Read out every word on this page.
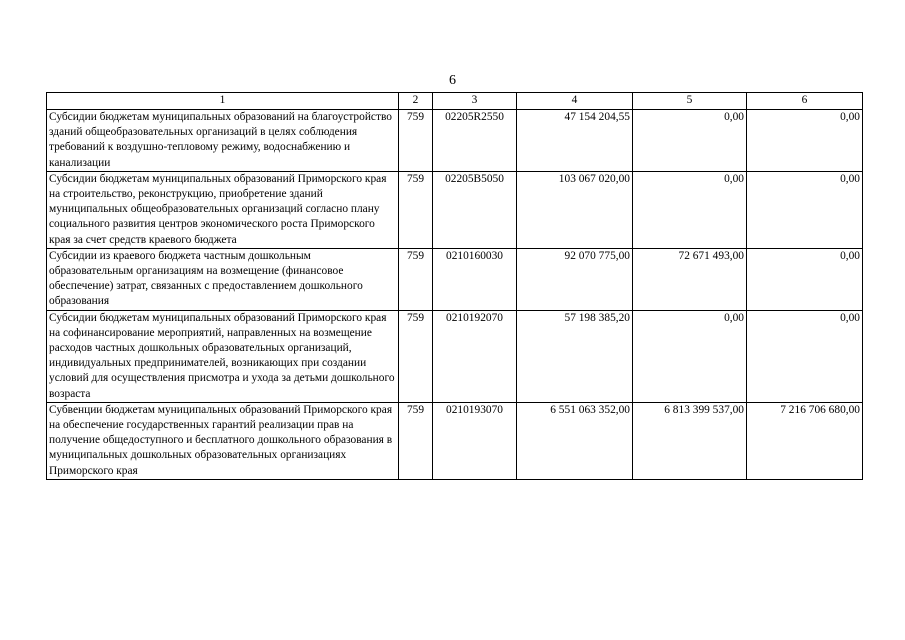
6
1	2	3	4	5	6
Субсидии бюджетам муниципальных образований на благоустройство зданий общеобразовательных организаций в целях соблюдения требований к воздушно-тепловому режиму, водоснабжению и канализации	759	02205R2550	47 154 204,55	0,00	0,00
Субсидии бюджетам муниципальных образований Приморского края на строительство, реконструкцию, приобретение зданий муниципальных общеобразовательных организаций согласно плану социального развития центров экономического роста Приморского края за счет средств краевого бюджета	759	02205В5050	103 067 020,00	0,00	0,00
Субсидии из краевого бюджета частным дошкольным образовательным организациям на возмещение (финансовое обеспечение) затрат, связанных с предоставлением дошкольного образования	759	0210160030	92 070 775,00	72 671 493,00	0,00
Субсидии бюджетам муниципальных образований Приморского края на софинансирование мероприятий, направленных на возмещение расходов частных дошкольных образовательных организаций, индивидуальных предпринимателей, возникающих при создании условий для осуществления присмотра и ухода за детьми дошкольного возраста	759	0210192070	57 198 385,20	0,00	0,00
Субвенции бюджетам муниципальных образований Приморского края на обеспечение государственных гарантий реализации прав на получение общедоступного и бесплатного дошкольного образования в муниципальных дошкольных образовательных организациях Приморского края	759	0210193070	6 551 063 352,00	6 813 399 537,00	7 216 706 680,00
